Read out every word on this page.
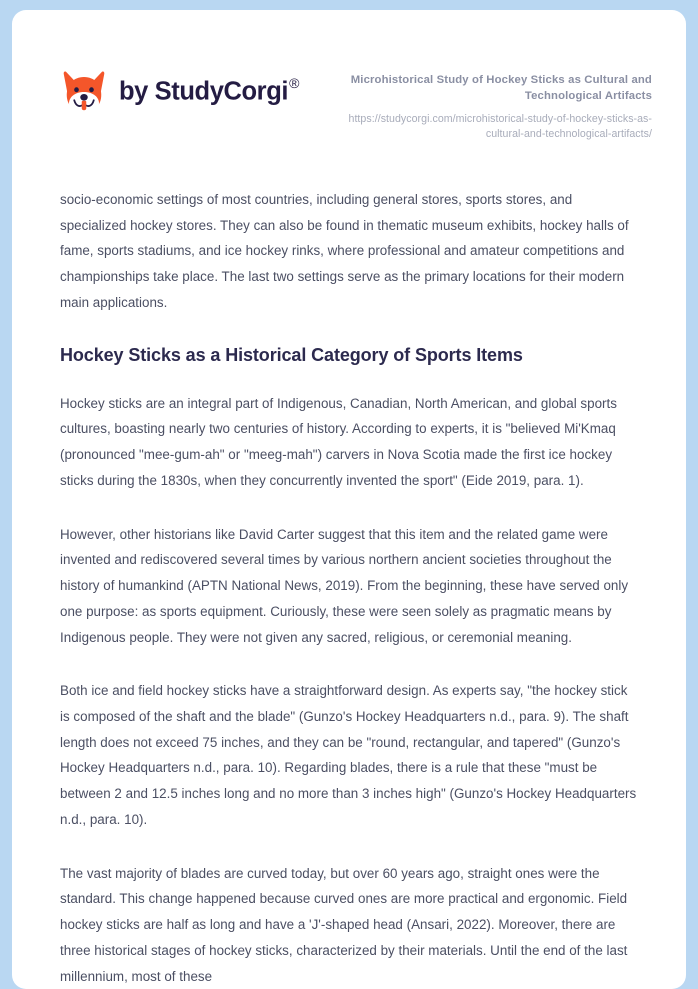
by StudyCorgi®	Microhistorical Study of Hockey Sticks as Cultural and Technological Artifacts
https://studycorgi.com/microhistorical-study-of-hockey-sticks-as-cultural-and-technological-artifacts/

socio-economic settings of most countries, including general stores, sports stores, and specialized hockey stores. They can also be found in thematic museum exhibits, hockey halls of fame, sports stadiums, and ice hockey rinks, where professional and amateur competitions and championships take place. The last two settings serve as the primary locations for their modern main applications.

Hockey Sticks as a Historical Category of Sports Items

Hockey sticks are an integral part of Indigenous, Canadian, North American, and global sports cultures, boasting nearly two centuries of history. According to experts, it is "believed Mi'Kmaq (pronounced "mee-gum-ah" or "meeg-mah") carvers in Nova Scotia made the first ice hockey sticks during the 1830s, when they concurrently invented the sport" (Eide 2019, para. 1).

However, other historians like David Carter suggest that this item and the related game were invented and rediscovered several times by various northern ancient societies throughout the history of humankind (APTN National News, 2019). From the beginning, these have served only one purpose: as sports equipment. Curiously, these were seen solely as pragmatic means by Indigenous people. They were not given any sacred, religious, or ceremonial meaning.

Both ice and field hockey sticks have a straightforward design. As experts say, "the hockey stick is composed of the shaft and the blade" (Gunzo's Hockey Headquarters n.d., para. 9). The shaft length does not exceed 75 inches, and they can be "round, rectangular, and tapered" (Gunzo's Hockey Headquarters n.d., para. 10). Regarding blades, there is a rule that these "must be between 2 and 12.5 inches long and no more than 3 inches high" (Gunzo's Hockey Headquarters n.d., para. 10).

The vast majority of blades are curved today, but over 60 years ago, straight ones were the standard. This change happened because curved ones are more practical and ergonomic. Field hockey sticks are half as long and have a 'J'-shaped head (Ansari, 2022). Moreover, there are three historical stages of hockey sticks, characterized by their materials. Until the end of the last millennium, most of these
